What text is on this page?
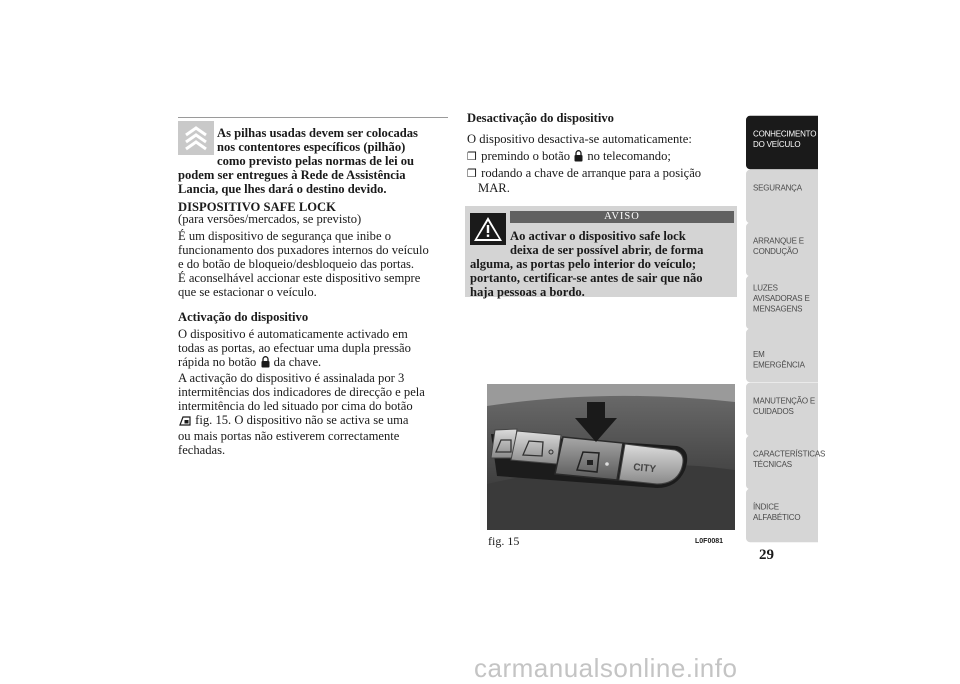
As pilhas usadas devem ser colocadas

nos contentores específicos (pilhão)

como previsto pelas normas de lei ou

podem ser entregues à Rede de Assistência

Lancia, que lhes dará o destino devido.

DISPOSITIVO SAFE LOCK

(para versões/mercados, se previsto)

É um dispositivo de segurança que inibe o

funcionamento dos puxadores internos do veículo

e do botão de bloqueio/desbloqueio das portas.

É aconselhável accionar este dispositivo sempre

que se estacionar o veículo.

Activação do dispositivo

O dispositivo é automaticamente activado em

todas as portas, ao efectuar uma dupla pressão

rápida no botão da chave.

A activação do dispositivo é assinalada por 3

intermitências dos indicadores de direcção e pela

intermitência do led situado por cima do botão

fig. 15. O dispositivo não se activa se uma

ou mais portas não estiverem correctamente

fechadas.

Desactivação do dispositivo

O dispositivo desactiva-se automaticamente:

❒ premindo o botão no telecomando;

❒ rodando a chave de arranque para a posição

MAR.

AVISO

Ao activar o dispositivo safe lock

deixa de ser possível abrir, de forma

alguma, as portas pelo interior do veículo;

portanto, certificar-se antes de sair que não

haja pessoas a bordo.

CITY

fig. 15	L0F0081

CONHECIMENTO

DO VEÍCULO

SEGURANÇA

ARRANQUE E

CONDUÇÃO

LUZES

AVISADORAS E

MENSAGENS

EM EMERGÊNCIA

MANUTENÇÃO E

CUIDADOS

CARACTERÍSTICAS

TÉCNICAS

ÍNDICE

ALFABÉTICO

29

carmanualsonline.info
